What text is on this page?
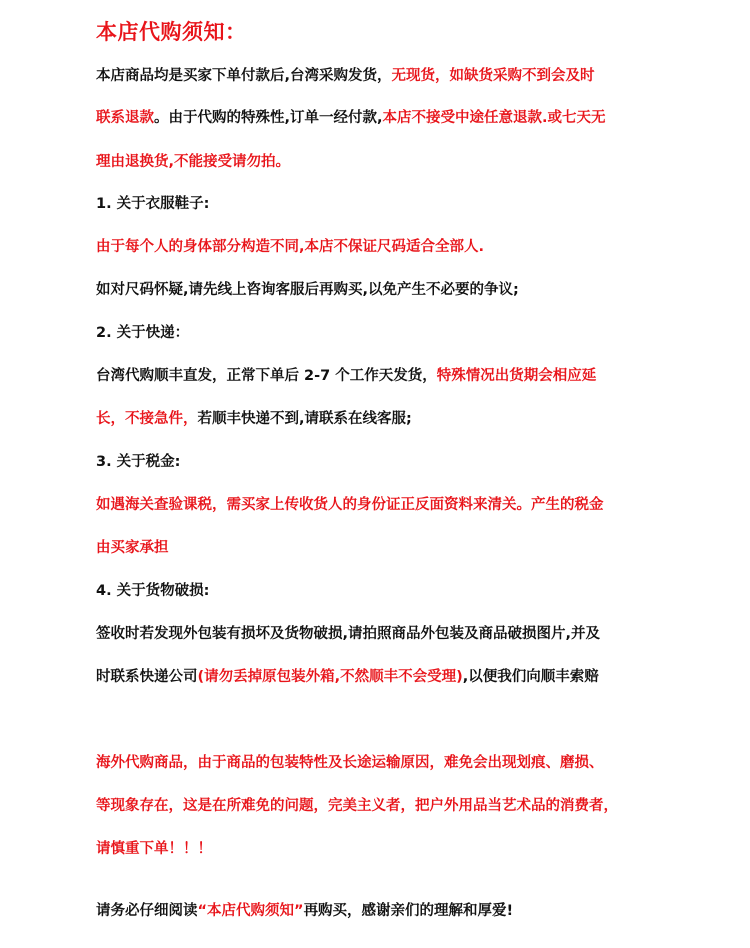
本店代购须知：
本店商品均是买家下单付款后,台湾采购发货，无现货，如缺货采购不到会及时
联系退款。由于代购的特殊性,订单一经付款,本店不接受中途任意退款.或七天无
理由退换货,不能接受请勿拍。
1. 关于衣服鞋子:
由于每个人的身体部分构造不同,本店不保证尺码适合全部人.
如对尺码怀疑,请先线上咨询客服后再购买,以免产生不必要的争议;
2. 关于快递：
台湾代购顺丰直发，正常下单后 2-7 个工作天发货，特殊情况出货期会相应延
长，不接急件，若顺丰快递不到,请联系在线客服;
3. 关于税金:
如遇海关查验课税，需买家上传收货人的身份证正反面资料来清关。产生的税金
由买家承担
4. 关于货物破损:
签收时若发现外包装有损坏及货物破损,请拍照商品外包装及商品破损图片,并及
时联系快递公司(请勿丢掉原包装外箱,不然顺丰不会受理),以便我们向顺丰索赔
海外代购商品，由于商品的包装特性及长途运输原因，难免会出现划痕、磨损、
等现象存在，这是在所难免的问题，完美主义者，把户外用品当艺术品的消费者，
请慎重下单！！！
请务必仔细阅读“本店代购须知”再购买，感谢亲们的理解和厚爱!
